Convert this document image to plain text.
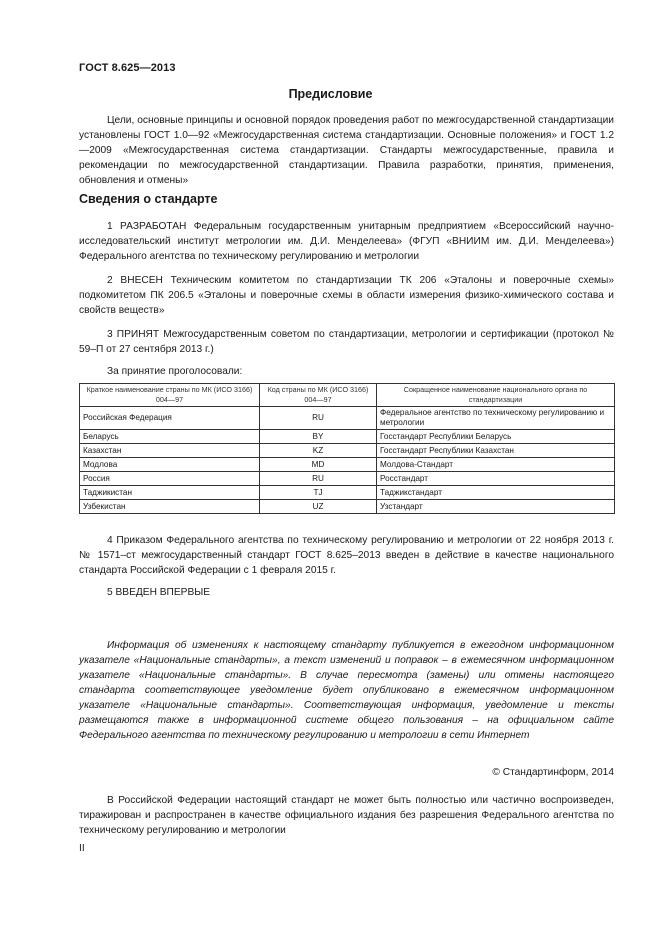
ГОСТ 8.625—2013
Предисловие

Цели, основные принципы и основной порядок проведения работ по межгосударственной стандартизации установлены ГОСТ 1.0—92 «Межгосударственная система стандартизации. Основные положения» и ГОСТ 1.2—2009 «Межгосударственная система стандартизации. Стандарты межгосударственные, правила и рекомендации по межгосударственной стандартизации. Правила разработки, принятия, применения, обновления и отмены»

Сведения о стандарте

1 РАЗРАБОТАН Федеральным государственным унитарным предприятием «Всероссийский научно-исследовательский институт метрологии им. Д.И. Менделеева» (ФГУП «ВНИИМ им. Д.И. Менделеева») Федерального агентства по техническому регулированию и метрологии

2 ВНЕСЕН Техническим комитетом по стандартизации ТК 206 «Эталоны и поверочные схемы» подкомитетом ПК 206.5 «Эталоны и поверочные схемы в области измерения физико-химического состава и свойств веществ»

3 ПРИНЯТ Межгосударственным советом по стандартизации, метрологии и сертификации (протокол № 59–П от 27 сентября 2013 г.)

За принятие проголосовали:
Краткое наименование страны по МК (ИСО 3166) 004—97	Код страны по МК (ИСО 3166) 004—97	Сокращенное наименование национального органа по стандартизации
Российская Федерация	RU	Федеральное агентство по техническому регулированию и метрологии
Беларусь	BY	Госстандарт Республики Беларусь
Казахстан	KZ	Госстандарт Республики Казахстан
Модлова	MD	Молдова-Стандарт
Россия	RU	Росстандарт
Таджикистан	TJ	Таджикстандарт
Узбекистан	UZ	Узстандарт

4 Приказом Федерального агентства по техническому регулированию и метрологии от 22 ноября 2013 г. № 1571–ст межгосударственный стандарт ГОСТ 8.625–2013 введен в действие в качестве национального стандарта Российской Федерации с 1 февраля 2015 г.

5 ВВЕДЕН ВПЕРВЫЕ

Информация об изменениях к настоящему стандарту публикуется в ежегодном информационном указателе «Национальные стандарты», а текст изменений и поправок – в ежемесячном информационном указателе «Национальные стандарты». В случае пересмотра (замены) или отмены настоящего стандарта соответствующее уведомление будет опубликовано в ежемесячном информационном указателе «Национальные стандарты». Соответствующая информация, уведомление и тексты размещаются также в информационной системе общего пользования – на официальном сайте Федерального агентства по техническому регулированию и метрологии в сети Интернет

© Стандартинформ, 2014

В Российской Федерации настоящий стандарт не может быть полностью или частично воспроизведен, тиражирован и распространен в качестве официального издания без разрешения Федерального агентства по техническому регулированию и метрологии

II
